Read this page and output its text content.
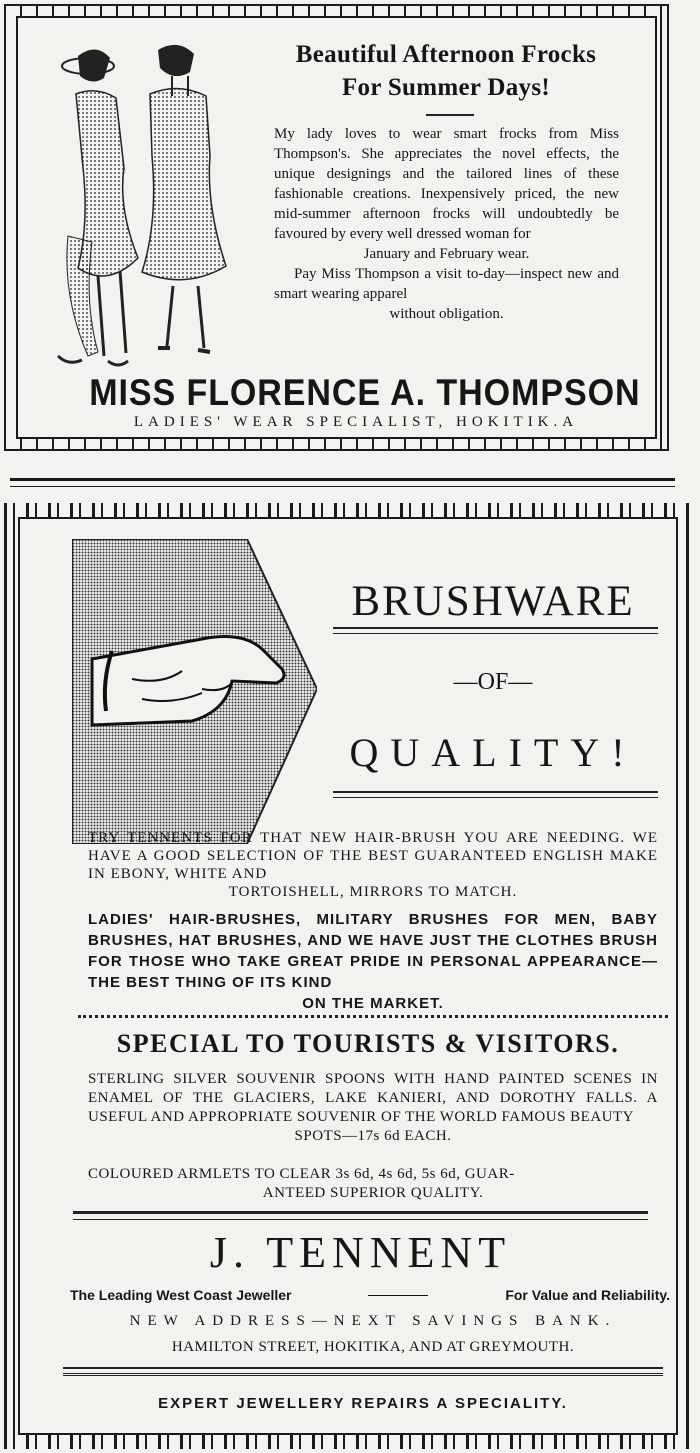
Beautiful Afternoon Frocks
For Summer Days!

My lady loves to wear smart frocks from Miss Thompson's. She appreciates the novel effects, the unique designings and the tailored lines of these fashionable creations. Inexpensively priced, the new mid-summer afternoon frocks will undoubtedly be favoured by every well dressed woman for

January and February wear.

Pay Miss Thompson a visit to-day—inspect new and smart wearing apparel

without obligation.

MISS FLORENCE A. THOMPSON
LADIES' WEAR SPECIALIST, HOKITIK.A
BRUSHWARE
—OF—
QUALITY!
TRY TENNENTS FOR THAT NEW HAIR-BRUSH YOU ARE NEEDING. WE HAVE A GOOD SELECTION OF THE BEST GUARANTEED ENGLISH MAKE IN EBONY, WHITE AND
TORTOISHELL, MIRRORS TO MATCH.
LADIES' HAIR-BRUSHES, MILITARY BRUSHES FOR MEN, BABY BRUSHES, HAT BRUSHES, AND WE HAVE JUST THE CLOTHES BRUSH FOR THOSE WHO TAKE GREAT PRIDE IN PERSONAL APPEARANCE—THE BEST THING OF ITS KIND
ON THE MARKET.
SPECIAL TO TOURISTS & VISITORS.
STERLING SILVER SOUVENIR SPOONS WITH HAND PAINTED SCENES IN ENAMEL OF THE GLACIERS, LAKE KANIERI, AND DOROTHY FALLS. A USEFUL AND APPROPRIATE SOUVENIR OF THE WORLD FAMOUS BEAUTY
SPOTS—17s 6d EACH.
COLOURED ARMLETS TO CLEAR 3s 6d, 4s 6d, 5s 6d, GUAR-
ANTEED SUPERIOR QUALITY.
J. TENNENT
The Leading West Coast Jeweller	For Value and Reliability.
NEW ADDRESS—NEXT SAVINGS BANK.
HAMILTON STREET, HOKITIKA, AND AT GREYMOUTH.
EXPERT JEWELLERY REPAIRS A SPECIALITY.
